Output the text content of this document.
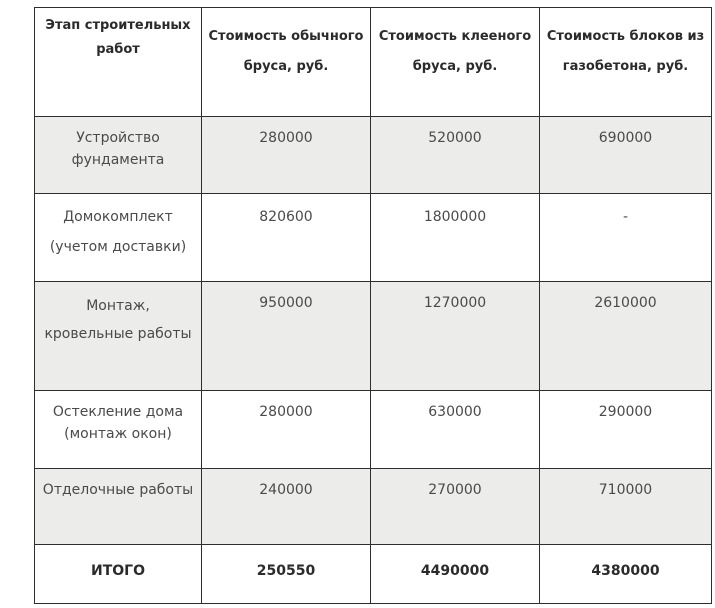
Этап строительных работ	Стоимость обычного бруса, руб.	Стоимость клееного бруса, руб.	Стоимость блоков из газобетона, руб.

Устройство фундамента	280000	520000	690000

Домокомплект (учетом доставки)	820600	1800000	-

Монтаж, кровельные работы	950000	1270000	2610000

Остекление дома (монтаж окон)	280000	630000	290000

Отделочные работы	240000	270000	710000

ИТОГО	250550	4490000	4380000
